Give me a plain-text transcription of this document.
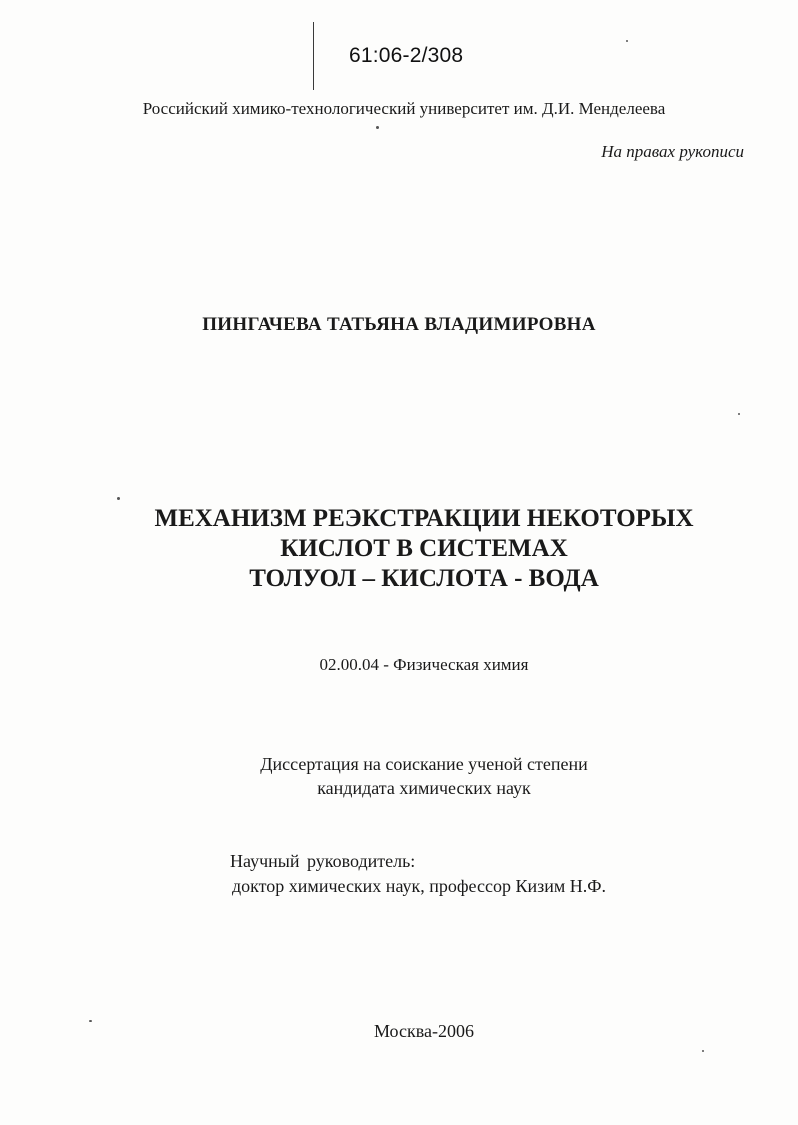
61:06-2/308
Российский химико-технологический университет им. Д.И. Менделеева
На правах рукописи
ПИНГАЧЕВА ТАТЬЯНА ВЛАДИМИРОВНА
МЕХАНИЗМ РЕЭКСТРАКЦИИ НЕКОТОРЫХ
КИСЛОТ В СИСТЕМАХ
ТОЛУОЛ – КИСЛОТА - ВОДА
02.00.04 - Физическая химия
Диссертация на соискание ученой степени
кандидата химических наук
Научный руководитель:
доктор химических наук, профессор Кизим Н.Ф.
Москва-2006
